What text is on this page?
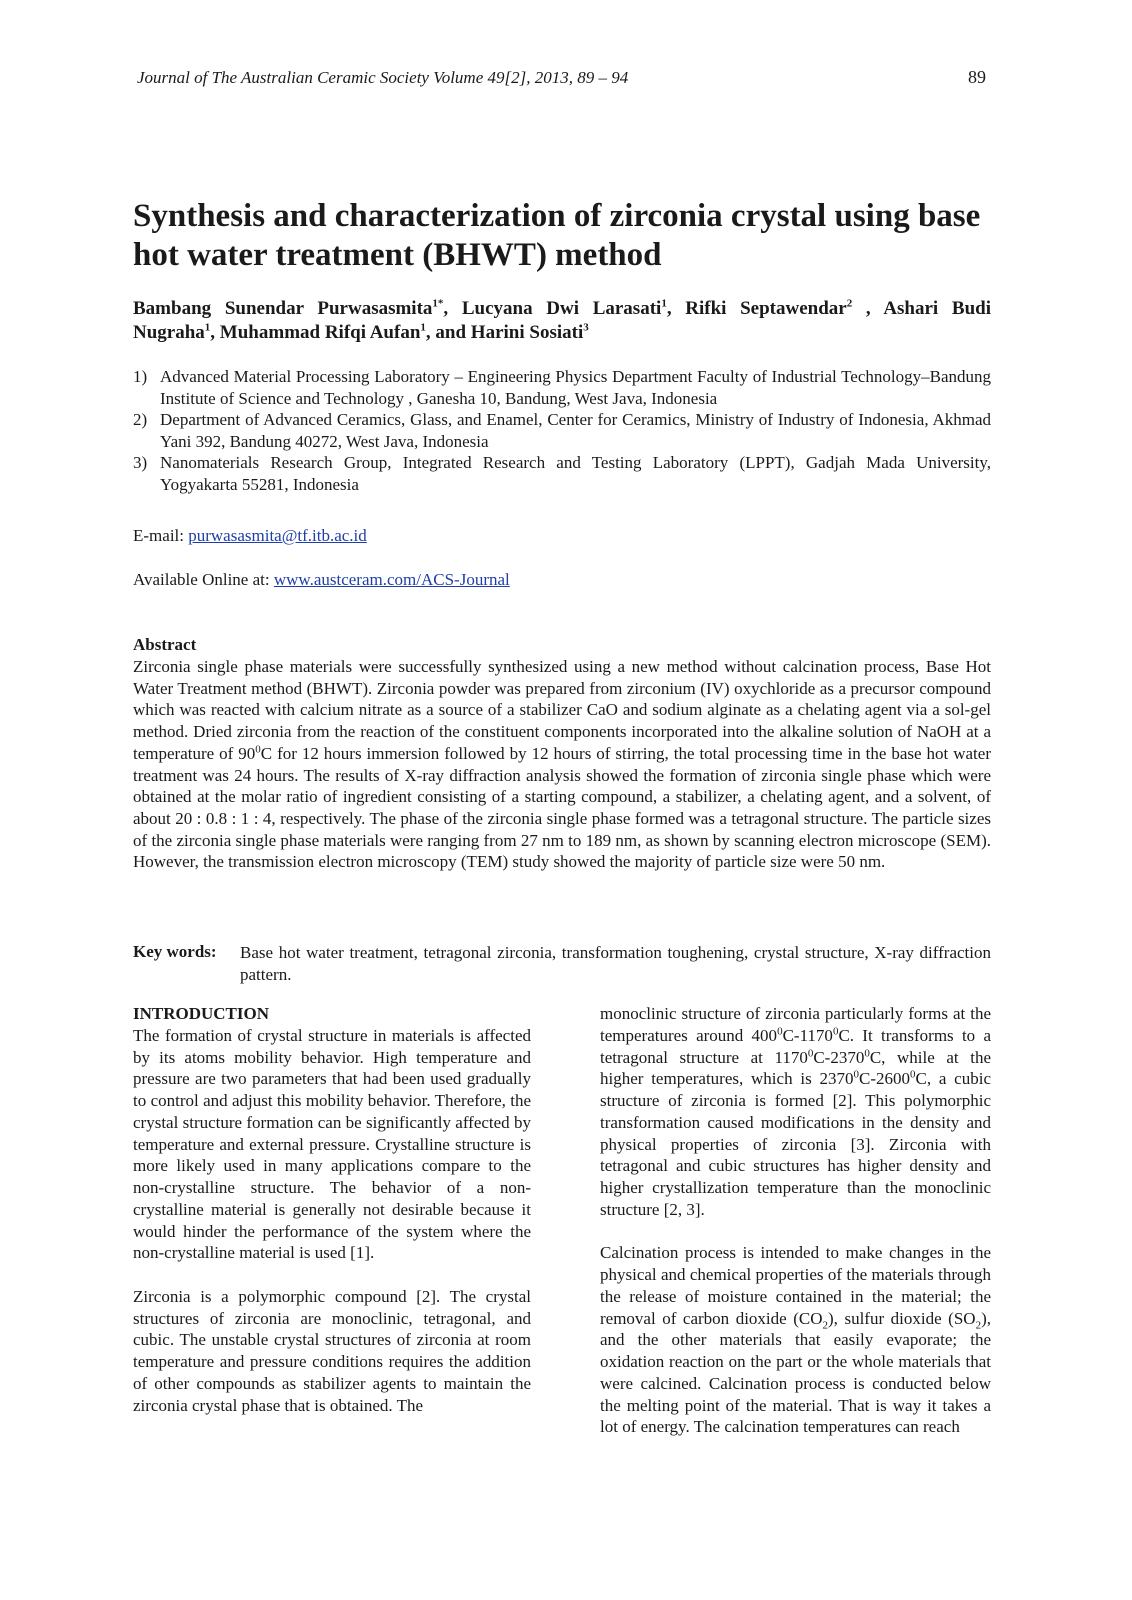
Journal of The Australian Ceramic Society Volume 49[2], 2013, 89 – 94	89
Synthesis and characterization of zirconia crystal using base hot water treatment (BHWT) method
Bambang Sunendar Purwasasmita$^{1*}$, Lucyana Dwi Larasati$^1$, Rifki Septawendar$^2$ , Ashari Budi
Nugraha$^1$, Muhammad Rifqi Aufan$^1$, and Harini Sosiati$^3$
1) Advanced Material Processing Laboratory – Engineering Physics Department Faculty of Industrial Technology–Bandung Institute of Science and Technology , Ganesha 10, Bandung, West Java, Indonesia
2) Department of Advanced Ceramics, Glass, and Enamel, Center for Ceramics, Ministry of Industry of Indonesia, Akhmad Yani 392, Bandung 40272, West Java, Indonesia
3) Nanomaterials Research Group, Integrated Research and Testing Laboratory (LPPT), Gadjah Mada University, Yogyakarta 55281, Indonesia
E-mail: purwasasmita@tf.itb.ac.id
Available Online at: www.austceram.com/ACS-Journal
Abstract
Zirconia single phase materials were successfully synthesized using a new method without calcination process, Base Hot Water Treatment method (BHWT). Zirconia powder was prepared from zirconium (IV) oxychloride as a precursor compound which was reacted with calcium nitrate as a source of a stabilizer CaO and sodium alginate as a chelating agent via a sol-gel method. Dried zirconia from the reaction of the constituent components incorporated into the alkaline solution of NaOH at a temperature of $90^0C$ for 12 hours immersion followed by 12 hours of stirring, the total processing time in the base hot water treatment was 24 hours. The results of X-ray diffraction analysis showed the formation of zirconia single phase which were obtained at the molar ratio of ingredient consisting of a starting compound, a stabilizer, a chelating agent, and a solvent, of about 20 : 0.8 : 1 : 4, respectively. The phase of the zirconia single phase formed was a tetragonal structure. The particle sizes of the zirconia single phase materials were ranging from 27 nm to 189 nm, as shown by scanning electron microscope (SEM). However, the transmission electron microscopy (TEM) study showed the majority of particle size were 50 nm.
Key words: Base hot water treatment, tetragonal zirconia, transformation toughening, crystal structure, X-ray diffraction pattern.
INTRODUCTION

The formation of crystal structure in materials is affected by its atoms mobility behavior. High temperature and pressure are two parameters that had been used gradually to control and adjust this mobility behavior. Therefore, the crystal structure formation can be significantly affected by temperature and external pressure. Crystalline structure is more likely used in many applications compare to the non-crystalline structure. The behavior of a non-crystalline material is generally not desirable because it would hinder the performance of the system where the non-crystalline material is used [1].

Zirconia is a polymorphic compound [2]. The crystal structures of zirconia are monoclinic, tetragonal, and cubic. The unstable crystal structures of zirconia at room temperature and pressure conditions requires the addition of other compounds as stabilizer agents to maintain the zirconia crystal phase that is obtained. The

monoclinic structure of zirconia particularly forms at the temperatures around $400^0C-1170^0C$. It transforms to a tetragonal structure at 1170$^0$C-2370$^0$C, while at the higher temperatures, which is 2370$^0$C-2600$^0$C, a cubic structure of zirconia is formed [2]. This polymorphic transformation caused modifications in the density and physical properties of zirconia [3]. Zirconia with tetragonal and cubic structures has higher density and higher crystallization temperature than the monoclinic structure [2, 3].

Calcination process is intended to make changes in the physical and chemical properties of the materials through the release of moisture contained in the material; the removal of carbon dioxide $(CO_2)$, sulfur dioxide $(SO_2)$, and the other materials that easily evaporate; the oxidation reaction on the part or the whole materials that were calcined. Calcination process is conducted below the melting point of the material. That is way it takes a lot of energy. The calcination temperatures can reach
